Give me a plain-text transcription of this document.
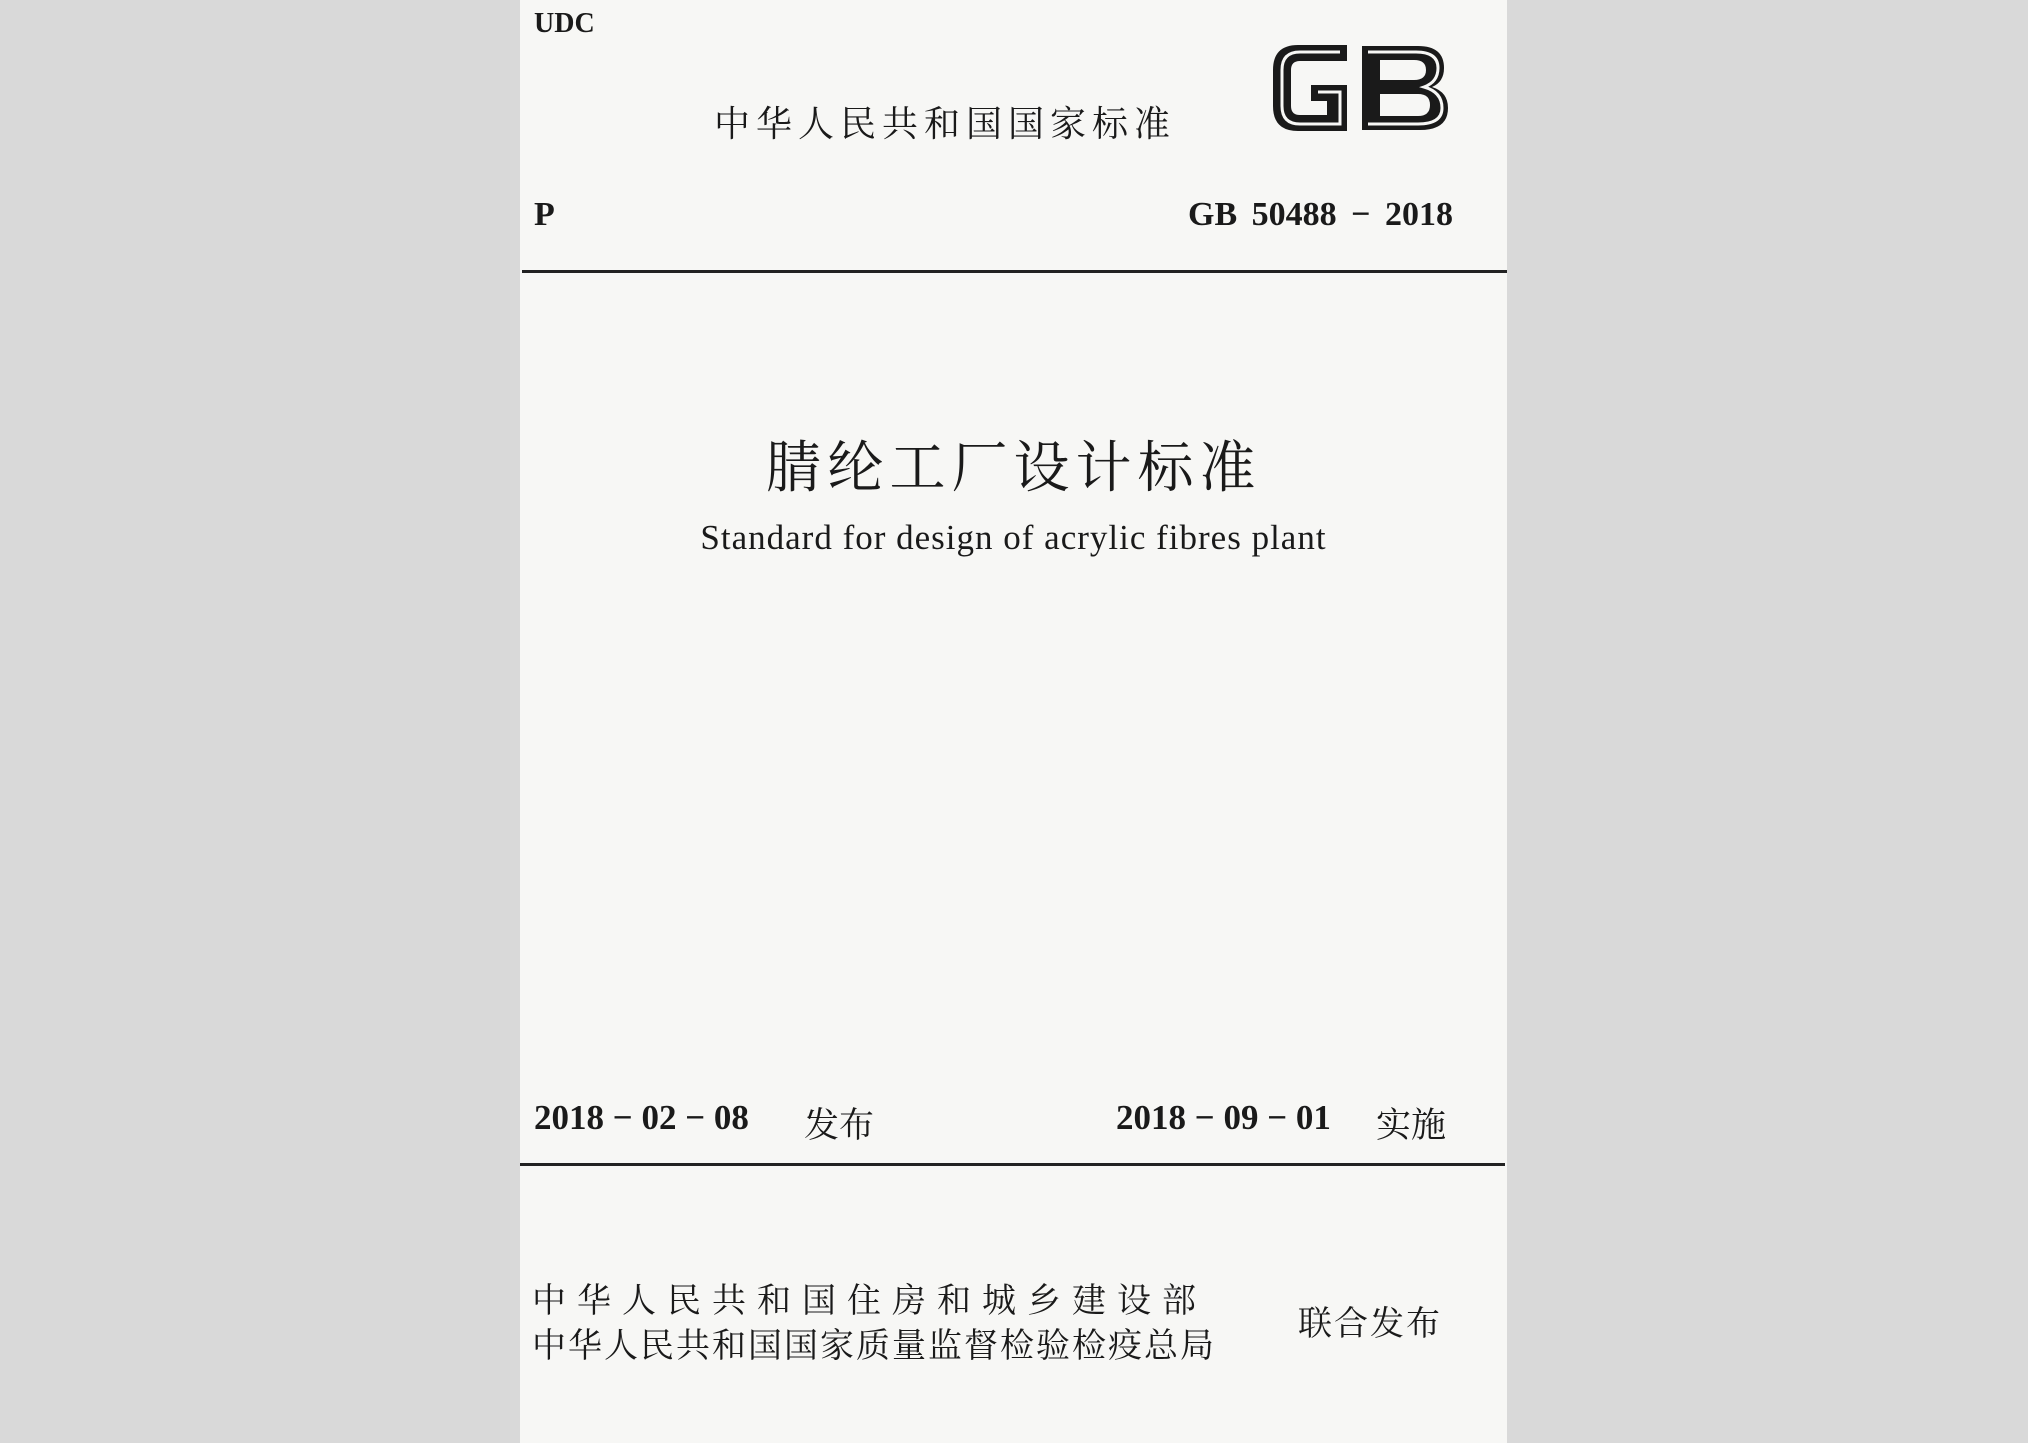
UDC
中华人民共和国国家标准
P	GB 50488 − 2018
腈纶工厂设计标准
Standard for design of acrylic fibres plant
2018 − 02 − 08 发布	2018 − 09 − 01 实施
中华人民共和国住房和城乡建设部
中华人民共和国国家质量监督检验检疫总局
联合发布
